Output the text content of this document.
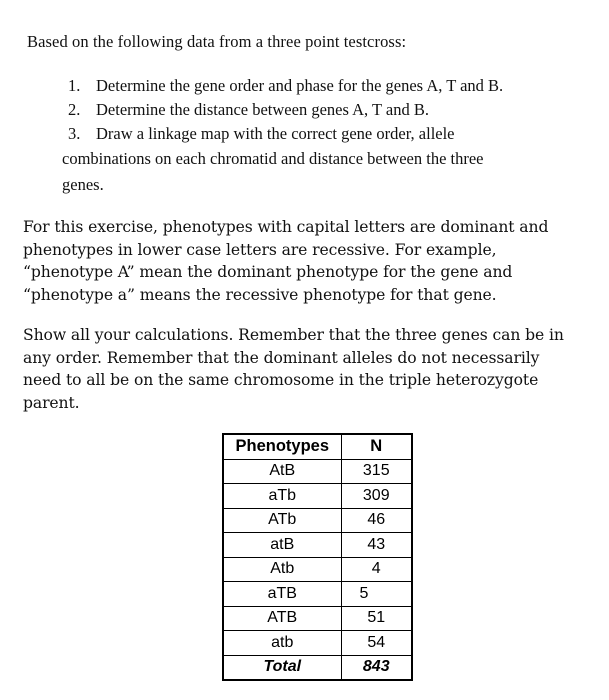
Based on the following data from a three point testcross:
1. Determine the gene order and phase for the genes A, T and B.
2. Determine the distance between genes A, T and B.
3. Draw a linkage map with the correct gene order, allele
combinations on each chromatid and distance between the three
genes.
For this exercise, phenotypes with capital letters are dominant and
phenotypes in lower case letters are recessive. For example,
“phenotype A” mean the dominant phenotype for the gene and
“phenotype a” means the recessive phenotype for that gene.
Show all your calculations. Remember that the three genes can be in
any order. Remember that the dominant alleles do not necessarily
need to all be on the same chromosome in the triple heterozygote
parent.
Phenotypes	N
AtB	315
aTb	309
ATb	46
atB	43
Atb	4
aTB	5
ATB	51
atb	54
Total	843
